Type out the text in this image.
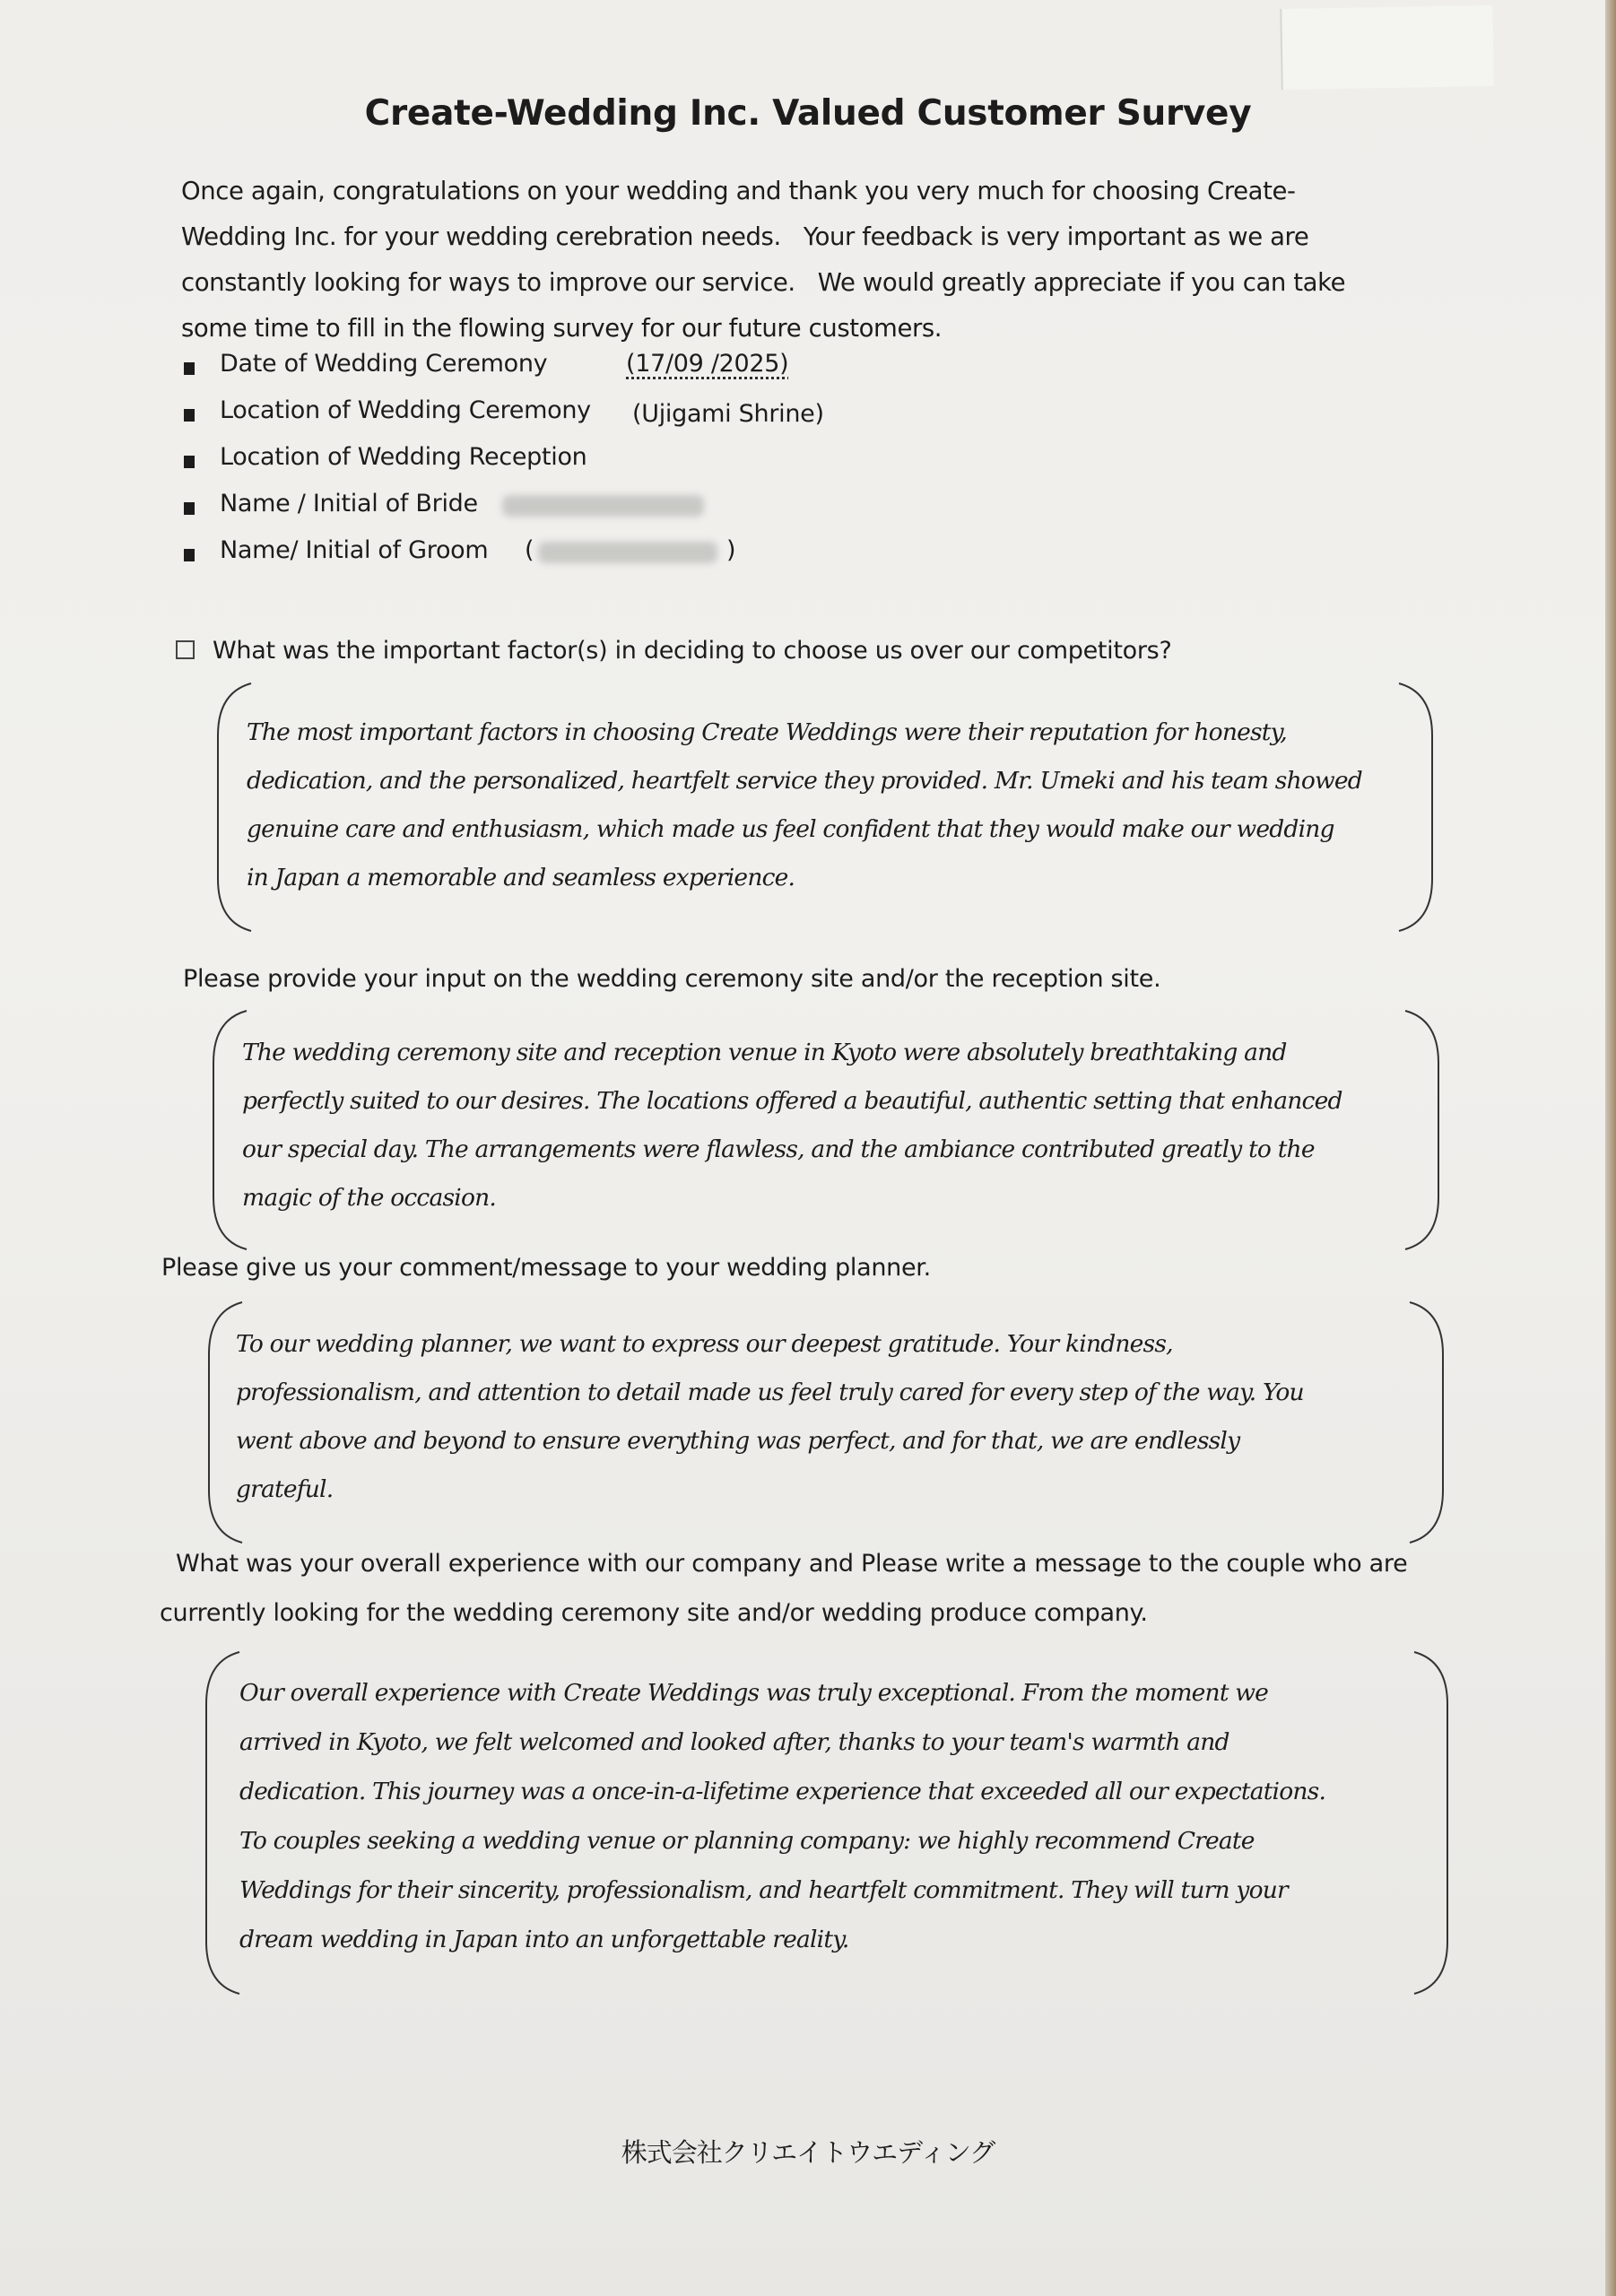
Create-Wedding Inc. Valued Customer Survey
Once again, congratulations on your wedding and thank you very much for choosing Create-
Wedding Inc. for your wedding cerebration needs.   Your feedback is very important as we are
constantly looking for ways to improve our service.   We would greatly appreciate if you can take
some time to fill in the flowing survey for our future customers.
Date of Wedding Ceremony	(17/09 /2025)
Location of Wedding Ceremony (Ujigami Shrine)
Location of Wedding Reception
Name / Initial of Bride
Name/ Initial of Groom (	)
What was the important factor(s) in deciding to choose us over our competitors?
The most important factors in choosing Create Weddings were their reputation for honesty,
dedication, and the personalized, heartfelt service they provided. Mr. Umeki and his team showed
genuine care and enthusiasm, which made us feel confident that they would make our wedding
in Japan a memorable and seamless experience.
Please provide your input on the wedding ceremony site and/or the reception site.
The wedding ceremony site and reception venue in Kyoto were absolutely breathtaking and
perfectly suited to our desires. The locations offered a beautiful, authentic setting that enhanced
our special day. The arrangements were flawless, and the ambiance contributed greatly to the
magic of the occasion.
Please give us your comment/message to your wedding planner.
To our wedding planner, we want to express our deepest gratitude. Your kindness,
professionalism, and attention to detail made us feel truly cared for every step of the way. You
went above and beyond to ensure everything was perfect, and for that, we are endlessly
grateful.
What was your overall experience with our company and Please write a message to the couple who are
currently looking for the wedding ceremony site and/or wedding produce company.
Our overall experience with Create Weddings was truly exceptional. From the moment we
arrived in Kyoto, we felt welcomed and looked after, thanks to your team's warmth and
dedication. This journey was a once-in-a-lifetime experience that exceeded all our expectations.
To couples seeking a wedding venue or planning company: we highly recommend Create
Weddings for their sincerity, professionalism, and heartfelt commitment. They will turn your
dream wedding in Japan into an unforgettable reality.
株式会社クリエイトウエディング
